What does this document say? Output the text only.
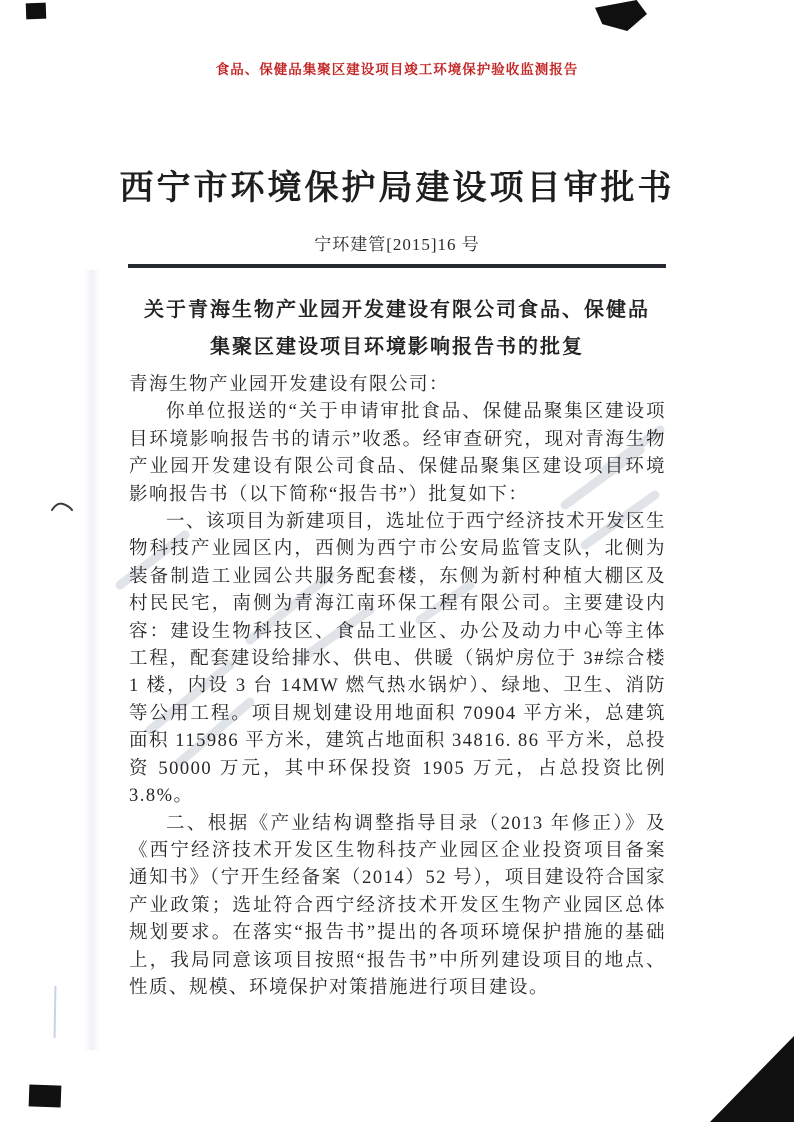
食品、保健品集聚区建设项目竣工环境保护验收监测报告
西宁市环境保护局建设项目审批书
宁环建管[2015]16 号
关于青海生物产业园开发建设有限公司食品、保健品
集聚区建设项目环境影响报告书的批复

青海生物产业园开发建设有限公司：

你单位报送的“关于申请审批食品、保健品聚集区建设项目环境影响报告书的请示”收悉。经审查研究，现对青海生物产业园开发建设有限公司食品、保健品聚集区建设项目环境影响报告书（以下简称“报告书”）批复如下：

一、该项目为新建项目，选址位于西宁经济技术开发区生物科技产业园区内，西侧为西宁市公安局监管支队，北侧为装备制造工业园公共服务配套楼，东侧为新村种植大棚区及村民民宅，南侧为青海江南环保工程有限公司。主要建设内容：建设生物科技区、食品工业区、办公及动力中心等主体工程，配套建设给排水、供电、供暖（锅炉房位于 3#综合楼 1 楼，内设 3 台 14MW 燃气热水锅炉）、绿地、卫生、消防等公用工程。项目规划建设用地面积 70904 平方米，总建筑面积 115986 平方米，建筑占地面积 34816. 86 平方米，总投资 50000 万元，其中环保投资 1905 万元，占总投资比例 3.8%。

二、根据《产业结构调整指导目录（2013 年修正）》及《西宁经济技术开发区生物科技产业园区企业投资项目备案通知书》（宁开生经备案（2014）52 号），项目建设符合国家产业政策；选址符合西宁经济技术开发区生物产业园区总体规划要求。在落实“报告书”提出的各项环境保护措施的基础上，我局同意该项目按照“报告书”中所列建设项目的地点、性质、规模、环境保护对策措施进行项目建设。
